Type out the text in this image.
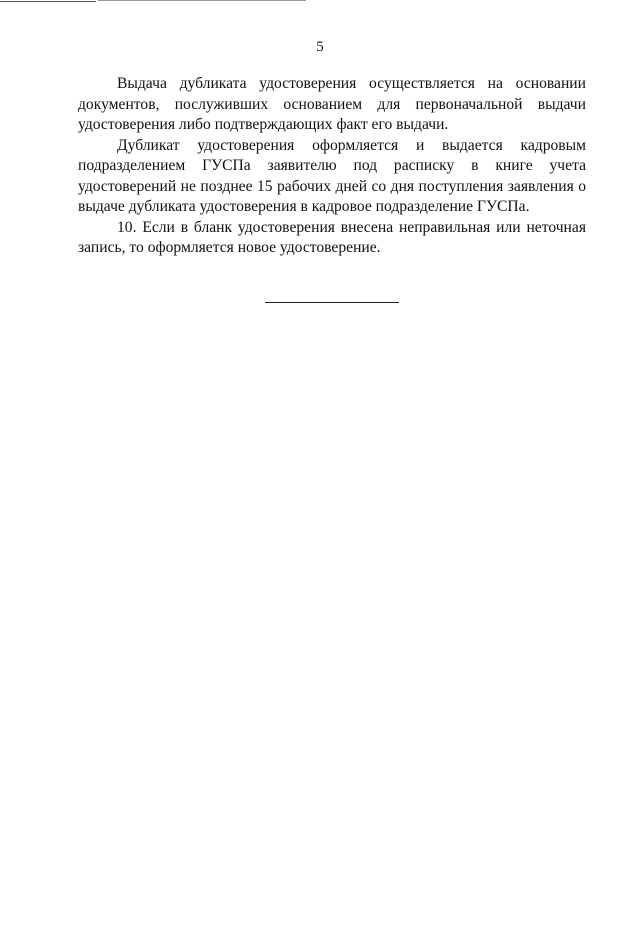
5

Выдача дубликата удостоверения осуществляется на основании документов, послуживших основанием для первоначальной выдачи удостоверения либо подтверждающих факт его выдачи.

Дубликат удостоверения оформляется и выдается кадровым подразделением ГУСПа заявителю под расписку в книге учета удостоверений не позднее 15 рабочих дней со дня поступления заявления о выдаче дубликата удостоверения в кадровое подразделение ГУСПа.

10. Если в бланк удостоверения внесена неправильная или неточная запись, то оформляется новое удостоверение.
